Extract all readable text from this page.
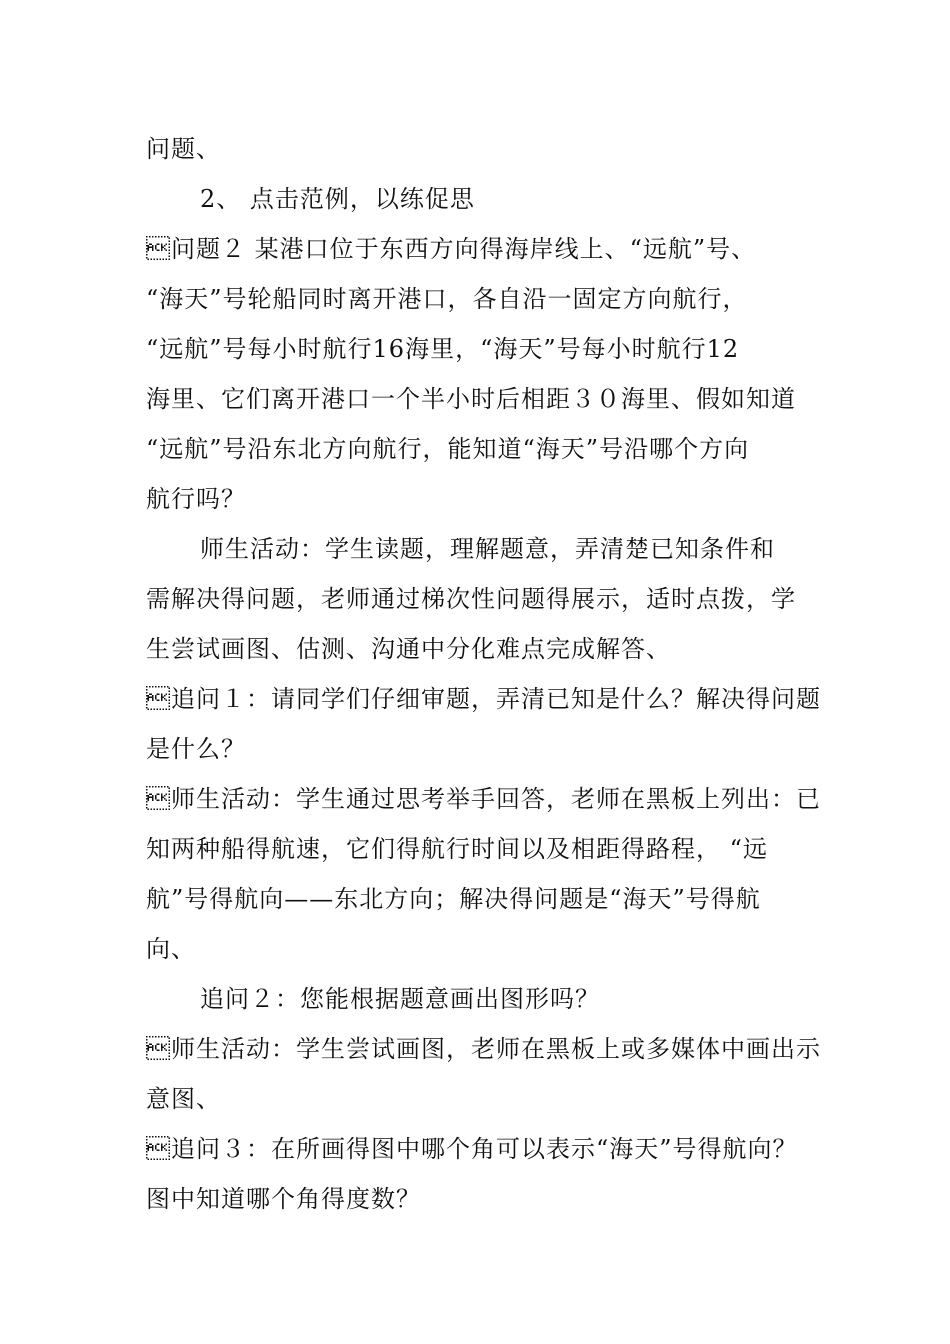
问题、
2、 点击范例，以练促思
问题２ 某港口位于东西方向得海岸线上、“远航”号、
“海天”号轮船同时离开港口，各自沿一固定方向航行，
“远航”号每小时航行16海里，“海天”号每小时航行12
海里、它们离开港口一个半小时后相距３０海里、假如知道
“远航”号沿东北方向航行，能知道“海天”号沿哪个方向
航行吗？
师生活动：学生读题，理解题意，弄清楚已知条件和
需解决得问题，老师通过梯次性问题得展示，适时点拨，学
生尝试画图、估测、沟通中分化难点完成解答、
追问１：请同学们仔细审题，弄清已知是什么？解决得问题
是什么？
师生活动：学生通过思考举手回答，老师在黑板上列出：已
知两种船得航速，它们得航行时间以及相距得路程， “远
航”号得航向——东北方向；解决得问题是“海天”号得航
向、
追问２：您能根据题意画出图形吗？
师生活动：学生尝试画图，老师在黑板上或多媒体中画出示
意图、
追问３：在所画得图中哪个角可以表示“海天”号得航向？
图中知道哪个角得度数？
